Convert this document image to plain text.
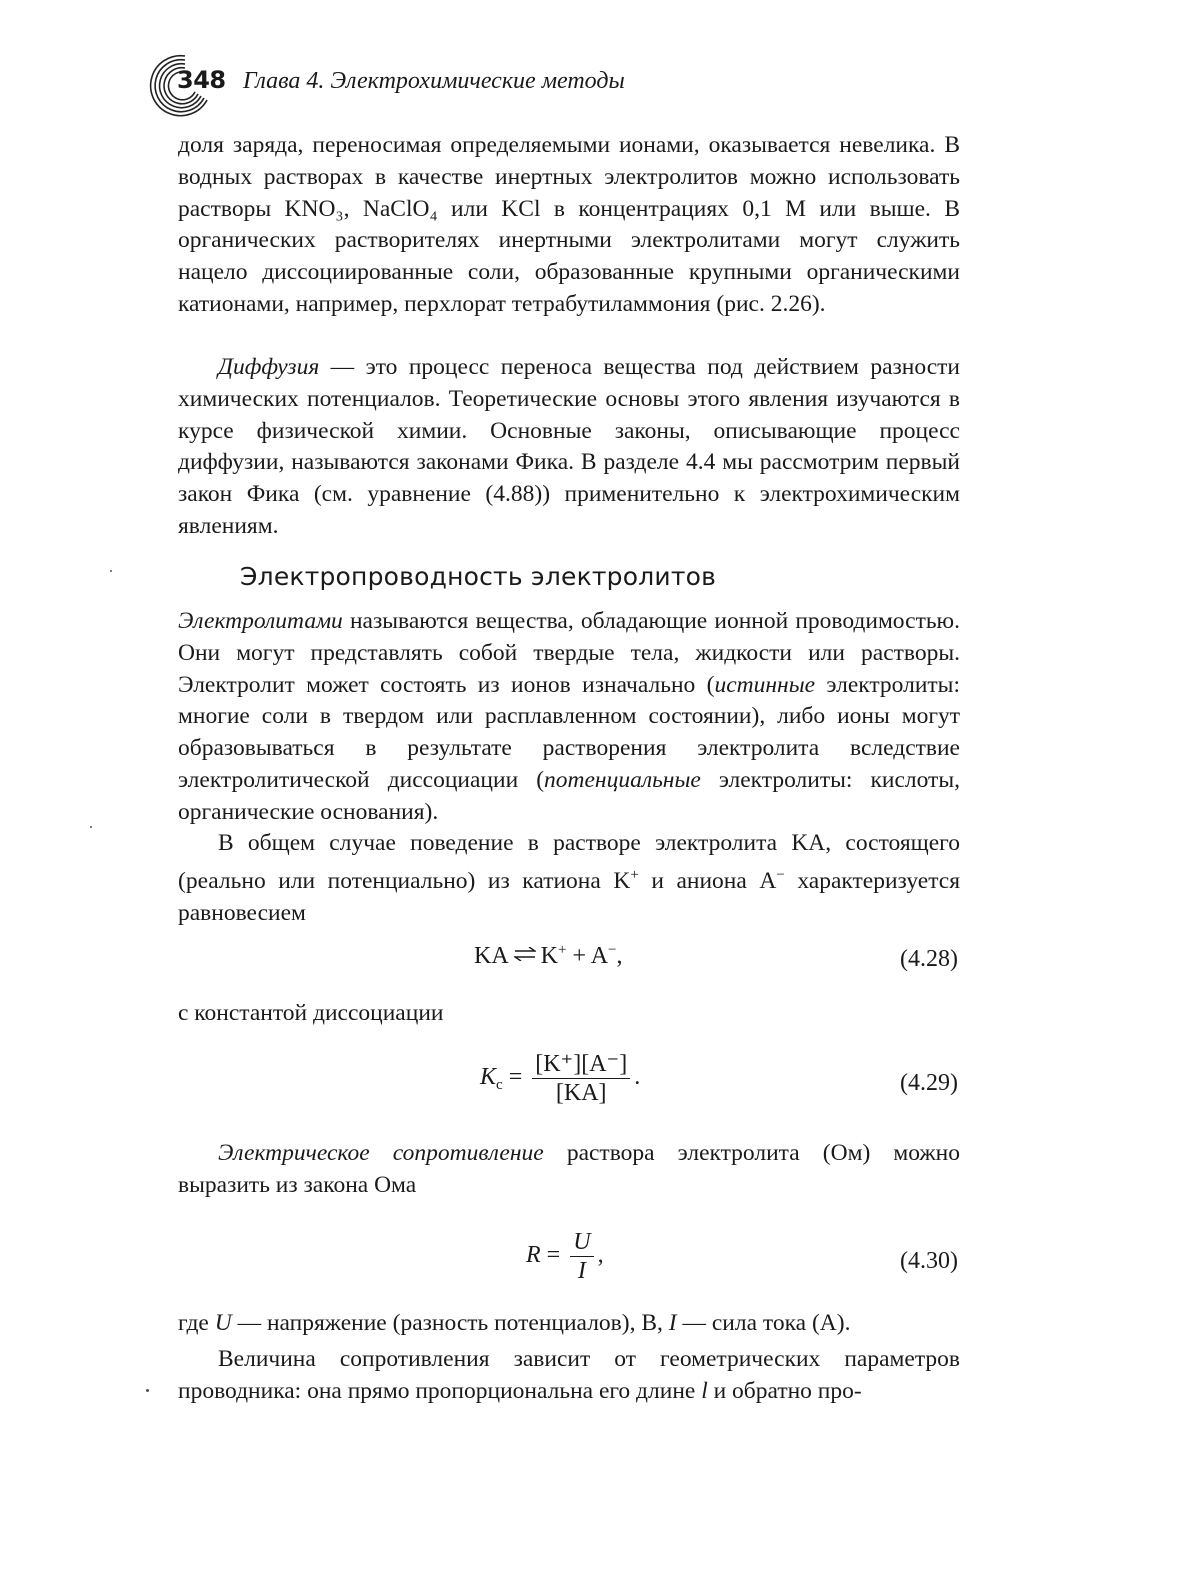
348 Глава 4. Электрохимические методы

доля заряда, переносимая определяемыми ионами, оказывается невелика. В водных растворах в качестве инертных электролитов можно использовать растворы KNO₃, NaClO₄ или KCl в концентрациях 0,1 M или выше. В органических растворителях инертными электролитами могут служить нацело диссоциированные соли, образованные крупными органическими катионами, например, перхлорат тетрабутиламмония (рис. 2.26).

Диффузия — это процесс переноса вещества под действием разности химических потенциалов. Теоретические основы этого явления изучаются в курсе физической химии. Основные законы, описывающие процесс диффузии, называются законами Фика. В разделе 4.4 мы рассмотрим первый закон Фика (см. уравнение (4.88)) применительно к электрохимическим явлениям.

Электропроводность электролитов

Электролитами называются вещества, обладающие ионной проводимостью. Они могут представлять собой твердые тела, жидкости или растворы. Электролит может состоять из ионов изначально (истинные электролиты: многие соли в твердом или расплавленном состоянии), либо ионы могут образовываться в результате растворения электролита вследствие электролитической диссоциации (потенциальные электролиты: кислоты, органические основания).

В общем случае поведение в растворе электролита KA, состоящего (реально или потенциально) из катиона K+ и аниона A− характеризуется равновесием

KA ⇌ K+ + A−,	(4.28)

с константой диссоциации

$K_c = \frac{[K^+][A^-]}{[KA]}$ .	(4.29)

Электрическое сопротивление раствора электролита (Ом) можно выразить из закона Ома

$R = \frac{U}{I}$ ,	(4.30)

где U — напряжение (разность потенциалов), В, I — сила тока (А).

Величина сопротивления зависит от геометрических параметров проводника: она прямо пропорциональна его длине l и обратно про-
